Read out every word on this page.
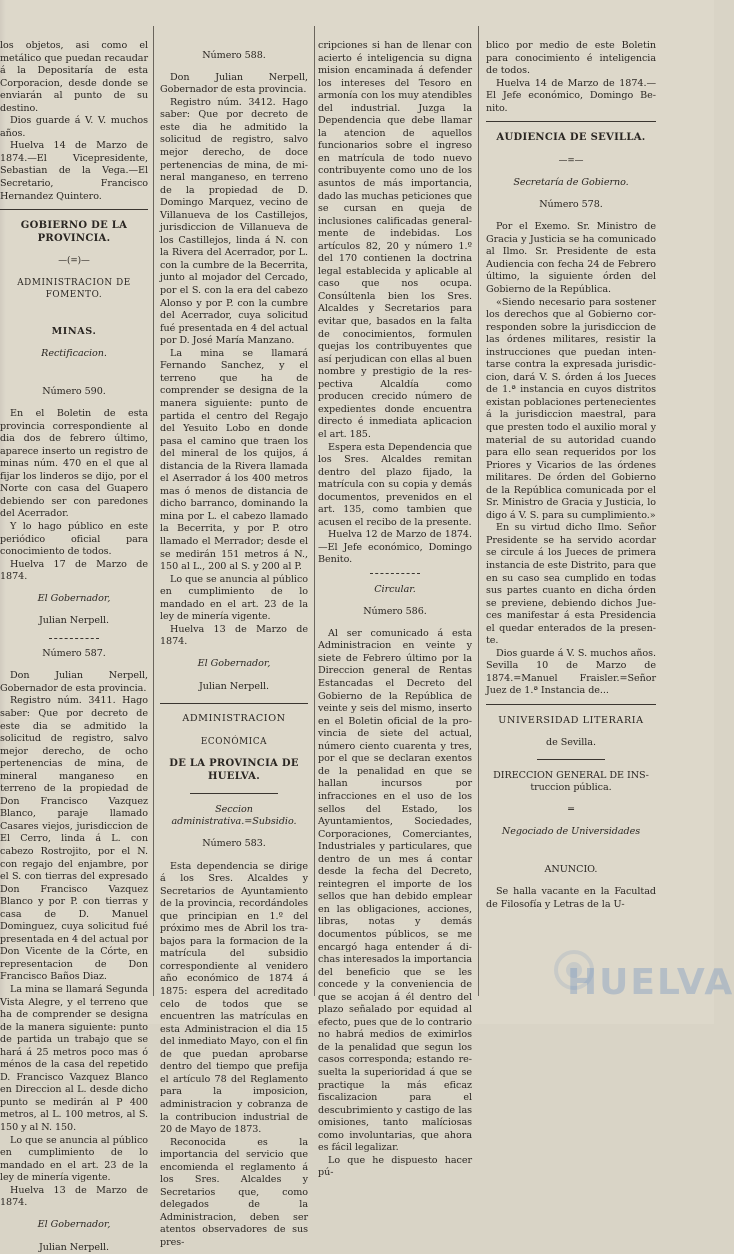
los objetos, asi como el metálico que puedan recaudar á la Depositaría de esta Corporacion, desde donde se enviarán al punto de su destino.

Dios guarde á V. V. muchos años.

Huelva 14 de Marzo de 1874.—El Vicepresidente, Sebastian de la Vega.—El Secretario, Francisco Hernandez Quintero.

GOBIERNO DE LA PROVINCIA.

—(=)—

ADMINISTRACION DE FOMENTO.

MINAS.

Rectificacion.

Número 590.

En el Boletin de esta provincia correspondiente al dia dos de febrero último, aparece inserto un registro de minas núm. 470 en el que al fijar los linderos se dijo, por el Norte con casa del Guapero debiendo ser con paredones del Acerrador.

Y lo hago público en este periódico oficial para conocimiento de todos.

Huelva 17 de Marzo de 1874.

El Gobernador,

Julian Nerpell.

Número 587.

Don Julian Nerpell, Gobernador de esta provincia.

Registro núm. 3411. Hago saber: Que por decreto de este dia se admitido la solicitud de registro, salvo mejor derecho, de ocho pertenencias de mina, de mineral manganeso en terreno de la propiedad de Don Francisco Vazquez Blanco, paraje llamado Casares viejos, jurisdiccion de El Cerro, linda á L. con cabezo Rostrojito, por el N. con regajo del enjambre, por el S. con tierras del expresado Don Francisco Vazquez Blanco y por P. con tierras y casa de D. Manuel Dominguez, cuya solicitud fué presentada en 4 del actual por Don Vicente de la Córte, en representacion de Don Francisco Baños Diaz.

La mina se llamará Segunda Vista Alegre, y el terreno que ha de comprender se designa de la manera siguiente: punto de partida un trabajo que se hará á 25 metros poco mas ó ménos de la casa del repetido D. Francisco Vazquez Blanco en Direccion al L. desde dicho punto se medirán al P 400 metros, al L. 100 metros, al S. 150 y al N. 150.

Lo que se anuncia al público en cumplimiento de lo mandado en el art. 23 de la ley de minería vigente.

Huelva 13 de Marzo de 1874.

El Gobernador,

Julian Nerpell.

Número 588.

Don Julian Nerpell, Gobernador de esta provincia.

Registro núm. 3412. Hago saber: Que por decreto de este dia he admitido la solicitud de registro, salvo mejor derecho, de doce pertenencias de mina, de mineral manganeso, en terreno de la propiedad de D. Domingo Marquez, vecino de Villanueva de los Castillejos, jurisdiccion de Villanueva de los Castillejos, linda á N. con la Rivera del Acerrador, por L. con la cumbre de la Becerrita, junto al mojador del Cercado, por el S. con la era del cabezo Alonso y por P. con la cumbre del Acerrador, cuya solicitud fué presentada en 4 del actual por D. José María Manzano.

La mina se llamará Fernando Sanchez, y el terreno que ha de comprender se designa de la manera siguiente: punto de partida el centro del Regajo del Yesuito Lobo en donde pasa el camino que traen los del mineral de los quijos, á distancia de la Rivera llamada el Aserrador á los 400 metros mas ó menos de distancia de dicho barranco, dominando la mina por L. el cabezo llamado la Becerrita, y por P. otro llamado el Merrador; desde el se medirán 151 metros á N., 150 al L., 200 al S. y 200 al P.

Lo que se anuncia al público en cumplimiento de lo mandado en el art. 23 de la ley de minería vigente.

Huelva 13 de Marzo de 1874.

El Gobernador,

Julian Nerpell.

ADMINISTRACION

ECONÓMICA

DE LA PROVINCIA DE HUELVA.

Seccion administrativa.=Subsidio.

Número 583.

Esta dependencia se dirige á los Sres. Alcaldes y Secretarios de Ayuntamiento de la provincia, recordándoles que principian en 1.º del próximo mes de Abril los trabajos para la formacion de la matrícula del subsidio correspondiente al venidero año económico de 1874 á 1875: espera del acreditado celo de todos que se encuentren las matrículas en esta Administracion el dia 15 del inmediato Mayo, con el fin de que puedan aprobarse dentro del tiempo que prefija el artículo 78 del Reglamento para la imposicion, administracion y cobranza de la contribucion industrial de 20 de Mayo de 1873.

Reconocida es la importancia del servicio que encomienda el reglamento á los Sres. Alcaldes y Secretarios que, como delegados de la Administracion, deben ser atentos observadores de sus pres-

cripciones si han de llenar con acierto é inteligencia su digna mision encaminada á defender los intereses del Tesoro en armonía con los muy atendibles del industrial. Juzga la Dependencia que debe llamar la atencion de aquellos funcionarios sobre el ingreso en matrícula de todo nuevo contribuyente como uno de los asuntos de más importancia, dado las muchas peticiones que se cursan en queja de inclusiones calificadas generalmente de indebidas. Los artículos 82, 20 y número 1.º del 170 contienen la doctrina legal establecida y aplicable al caso que nos ocupa. Consúltenla bien los Sres. Alcaldes y Secretarios para evitar que, basados en la falta de conocimientos, formulen quejas los contribuyentes que así perjudican con ellas al buen nombre y prestigio de la respectiva Alcaldía como producen crecido número de expedientes donde encuentra directo é inmediata aplicacion el art. 185.

Espera esta Dependencia que los Sres. Alcaldes remitan dentro del plazo fijado, la matrícula con su copia y demás documentos, prevenidos en el art. 135, como tambien que acusen el recibo de la presente.

Huelva 12 de Marzo de 1874.—El Jefe económico, Domingo Benito.

Circular.

Número 586.

Al ser comunicado á esta Administracion en veinte y siete de Febrero último por la Direccion general de Rentas Estancadas el Decreto del Gobierno de la República de veinte y seis del mismo, inserto en el Boletin oficial de la provincia de siete del actual, número ciento cuarenta y tres, por el que se declaran exentos de la penalidad en que se hallan incursos por infracciones en el uso de los sellos del Estado, los Ayuntamientos, Sociedades, Corporaciones, Comerciantes, Industriales y particulares, que dentro de un mes á contar desde la fecha del Decreto, reintegren el importe de los sellos que han debido emplear en las obligaciones, acciones, libras, notas y demás documentos públicos, se me encargó haga entender á dichas interesados la importancia del beneficio que se les concede y la conveniencia de que se acojan á él dentro del plazo señalado por equidad al efecto, pues que de lo contrario no habrá medios de eximirlos de la penalidad que segun los casos corresponda; estando resuelta la superioridad á que se practique la más eficaz fiscalizacion para el descubrimiento y castigo de las omisiones, tanto malíciosas como involuntarias, que ahora es fácil legalizar.

Lo que he dispuesto hacer pú-

blico por medio de este Boletin para conocimiento é inteligencia de todos.

Huelva 14 de Marzo de 1874.—El Jefe económico, Domingo Benito.

AUDIENCIA DE SEVILLA.

—=—

Secretaría de Gobierno.

Número 578.

Por el Exemo. Sr. Ministro de Gracia y Justicia se ha comunicado al Ilmo. Sr. Presidente de esta Audiencia con fecha 24 de Febrero último, la siguiente órden del Gobierno de la República.

«Siendo necesario para sostener los derechos que al Gobierno corresponden sobre la jurisdiccion de las órdenes militares, resistir la instrucciones que puedan intentarse contra la expresada jurisdiccion, dará V. S. órden á los Jueces de 1.ª instancia en cuyos distritos existan poblaciones pertenecientes á la jurisdiccion maestral, para que presten todo el auxilio moral y material de su autoridad cuando para ello sean requeridos por los Priores y Vicarios de las órdenes militares. De órden del Gobierno de la República comunicada por el Sr. Ministro de Gracia y Justicia, lo digo á V. S. para su cumplimiento.»

En su virtud dicho Ilmo. Señor Presidente se ha servido acordar se circule á los Jueces de primera instancia de este Distrito, para que en su caso sea cumplido en todas sus partes cuanto en dicha órden se previene, debiendo dichos Jueces manifestar á esta Presidencia el quedar enterados de la presente.

Dios guarde á V. S. muchos años. Sevilla 10 de Marzo de 1874.=Manuel Fraisler.=Señor Juez de 1.ª Instancia de...

UNIVERSIDAD LITERARIA

de Sevilla.

DIRECCION GENERAL DE INStruccion pública.

═

Negociado de Universidades

ANUNCIO.

Se halla vacante en la Facultad de Filosofía y Letras de la U-

HUELVA
